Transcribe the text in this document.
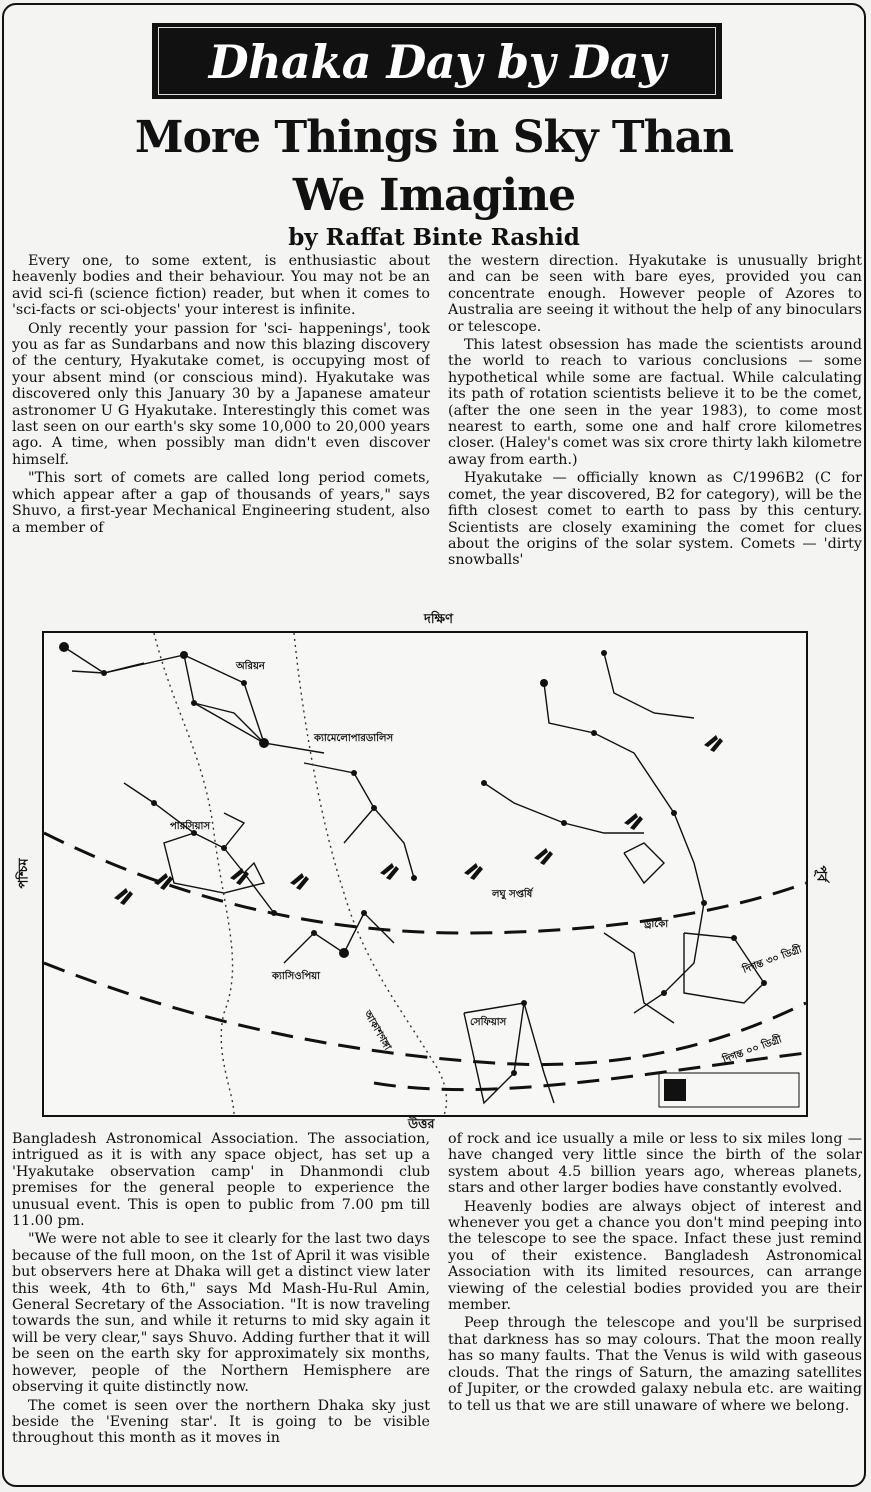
Dhaka Day by Day
More Things in Sky Than
We Imagine
by Raffat Binte Rashid

Every one, to some extent, is enthusiastic about heavenly bodies and their behaviour. You may not be an avid sci-fi (science fiction) reader, but when it comes to 'sci-facts or sci-objects' your interest is infinite.

Only recently your passion for 'sci- happenings', took you as far as Sundarbans and now this blazing discovery of the century, Hyakutake comet, is occupying most of your absent mind (or conscious mind). Hyakutake was discovered only this January 30 by a Japanese amateur astronomer U G Hyakutake. Interestingly this comet was last seen on our earth's sky some 10,000 to 20,000 years ago. A time, when possibly man didn't even discover himself.

"This sort of comets are called long period comets, which appear after a gap of thousands of years," says Shuvo, a first-year Mechanical Engineering student, also a member of

the western direction. Hyakutake is unusually bright and can be seen with bare eyes, provided you can concentrate enough. However people of Azores to Australia are seeing it without the help of any binoculars or telescope.

This latest obsession has made the scientists around the world to reach to various conclusions — some hypothetical while some are factual. While calculating its path of rotation scientists believe it to be the comet, (after the one seen in the year 1983), to come most nearest to earth, some one and half crore kilometres closer. (Haley's comet was six crore thirty lakh kilometre away from earth.)

Hyakutake — officially known as C/1996B2 (C for comet, the year discovered, B2 for category), will be the fifth closest comet to earth to pass by this century. Scientists are closely examining the comet for clues about the origins of the solar system. Comets — 'dirty snowballs'

দক্ষিণ
উত্তর
পশ্চিম	পূর্ব
অরিয়ন
ক্যামেলোপারডালিস
পারসিয়াস
ক্যাসিওপিয়া
লঘু সপ্তর্ষি
ড্রাকো
সেফিয়াস
আকাশগঙ্গা
দিগন্ত ৩০ ডিগ্রী
দিগন্ত ০০ ডিগ্রী

Bangladesh Astronomical Association. The association, intrigued as it is with any space object, has set up a 'Hyakutake observation camp' in Dhanmondi club premises for the general people to experience the unusual event. This is open to public from 7.00 pm till 11.00 pm.

"We were not able to see it clearly for the last two days because of the full moon, on the 1st of April it was visible but observers here at Dhaka will get a distinct view later this week, 4th to 6th," says Md Mash-Hu-Rul Amin, General Secretary of the Association. "It is now traveling towards the sun, and while it returns to mid sky again it will be very clear," says Shuvo. Adding further that it will be seen on the earth sky for approximately six months, however, people of the Northern Hemisphere are observing it quite distinctly now.

The comet is seen over the northern Dhaka sky just beside the 'Evening star'. It is going to be visible throughout this month as it moves in

of rock and ice usually a mile or less to six miles long — have changed very little since the birth of the solar system about 4.5 billion years ago, whereas planets, stars and other larger bodies have constantly evolved.

Heavenly bodies are always object of interest and whenever you get a chance you don't mind peeping into the telescope to see the space. Infact these just remind you of their existence. Bangladesh Astronomical Association with its limited resources, can arrange viewing of the celestial bodies provided you are their member.

Peep through the telescope and you'll be surprised that darkness has so may colours. That the moon really has so many faults. That the Venus is wild with gaseous clouds. That the rings of Saturn, the amazing satellites of Jupiter, or the crowded galaxy nebula etc. are waiting to tell us that we are still unaware of where we belong.
